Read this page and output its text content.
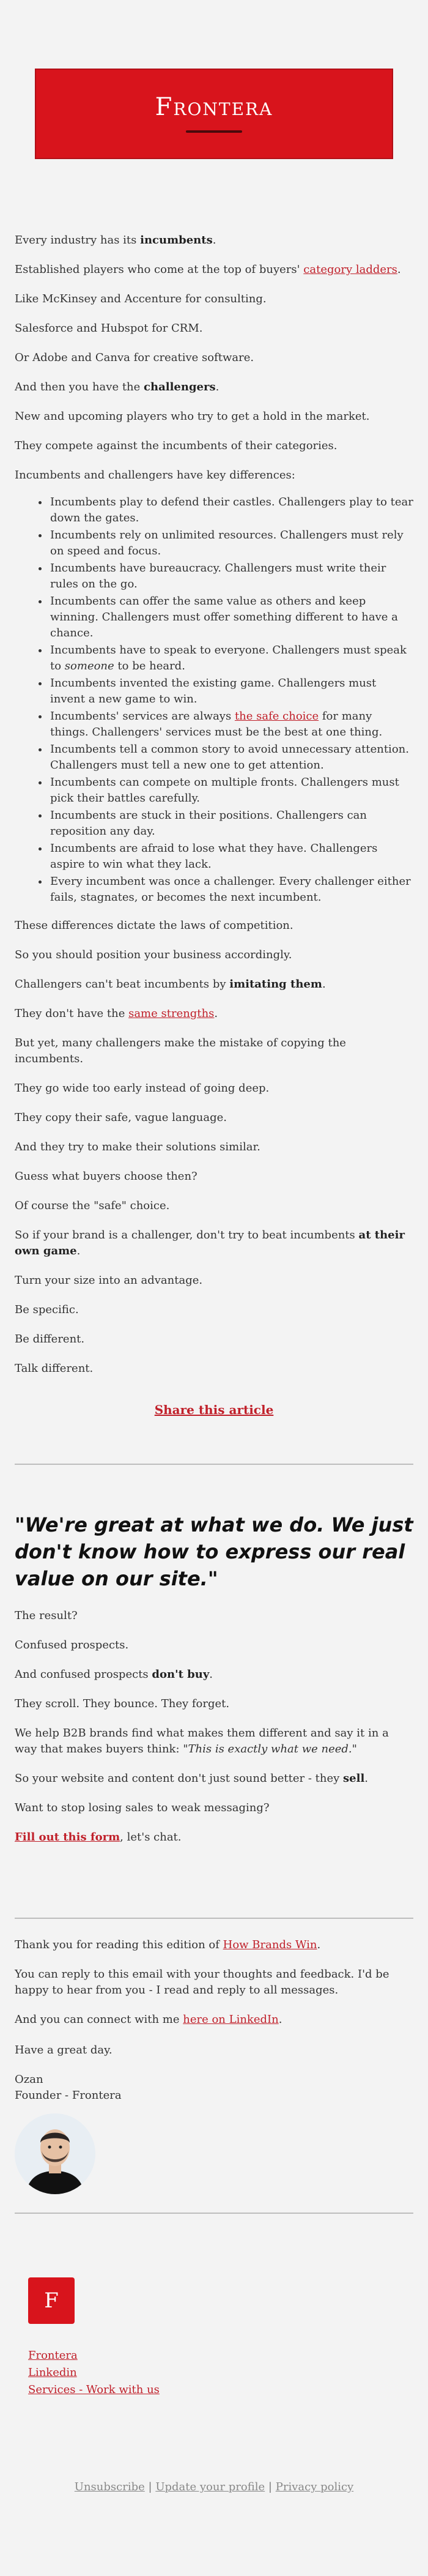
Frontera

Every industry has its incumbents.

Established players who come at the top of buyers' category ladders.

Like McKinsey and Accenture for consulting.

Salesforce and Hubspot for CRM.

Or Adobe and Canva for creative software.

And then you have the challengers.

New and upcoming players who try to get a hold in the market.

They compete against the incumbents of their categories.

Incumbents and challengers have key differences:

• Incumbents play to defend their castles. Challengers play to tear down the gates.
• Incumbents rely on unlimited resources. Challengers must rely on speed and focus.
• Incumbents have bureaucracy. Challengers must write their rules on the go.
• Incumbents can offer the same value as others and keep winning. Challengers must offer something different to have a chance.
• Incumbents have to speak to everyone. Challengers must speak to someone to be heard.
• Incumbents invented the existing game. Challengers must invent a new game to win.
• Incumbents' services are always the safe choice for many things. Challengers' services must be the best at one thing.
• Incumbents tell a common story to avoid unnecessary attention. Challengers must tell a new one to get attention.
• Incumbents can compete on multiple fronts. Challengers must pick their battles carefully.
• Incumbents are stuck in their positions. Challengers can reposition any day.
• Incumbents are afraid to lose what they have. Challengers aspire to win what they lack.
• Every incumbent was once a challenger. Every challenger either fails, stagnates, or becomes the next incumbent.

These differences dictate the laws of competition.

So you should position your business accordingly.

Challengers can't beat incumbents by imitating them.

They don't have the same strengths.

But yet, many challengers make the mistake of copying the incumbents.

They go wide too early instead of going deep.

They copy their safe, vague language.

And they try to make their solutions similar.

Guess what buyers choose then?

Of course the "safe" choice.

So if your brand is a challenger, don't try to beat incumbents at their own game.

Turn your size into an advantage.

Be specific.

Be different.

Talk different.

Share this article

"We're great at what we do. We just don't know how to express our real value on our site."

The result?

Confused prospects.

And confused prospects don't buy.

They scroll. They bounce. They forget.

We help B2B brands find what makes them different and say it in a way that makes buyers think: "This is exactly what we need."

So your website and content don't just sound better - they sell.

Want to stop losing sales to weak messaging?

Fill out this form, let's chat.

Thank you for reading this edition of How Brands Win.

You can reply to this email with your thoughts and feedback. I'd be happy to hear from you - I read and reply to all messages.

And you can connect with me here on LinkedIn.

Have a great day.

Ozan

Founder - Frontera

F
Frontera
Linkedin
Services - Work with us
Unsubscribe | Update your profile | Privacy policy
